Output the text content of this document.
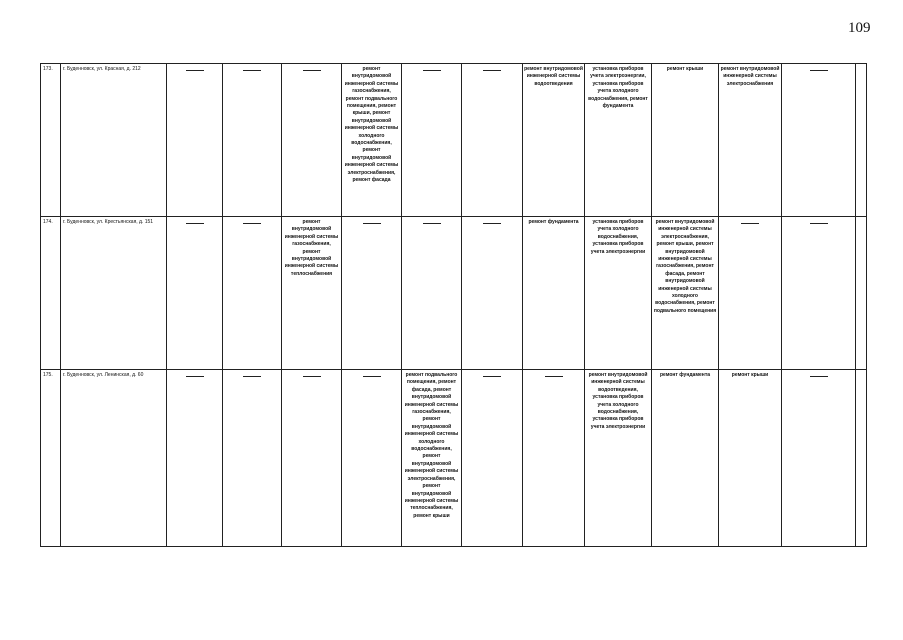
109
173.	г. Буденновск, ул. Красная, д. 212				ремонт внутридомовой инженерной системы газоснабжения, ремонт подвального помещения, ремонт крыши, ремонт внутридомовой инженерной системы холодного водоснабжения, ремонт внутридомовой инженерной системы электроснабжения, ремонт фасада			ремонт внутридомовой инженерной системы водоотведения	установка приборов учета электроэнергии, установка приборов учета холодного водоснабжения, ремонт фундамента	ремонт крыши	ремонт внутридомовой инженерной системы электроснабжения	

174.	г. Буденновск, ул. Крестьянская, д. 151			ремонт внутридомовой инженерной системы газоснабжения, ремонт внутридомовой инженерной системы теплоснабжения				ремонт фундамента	установка приборов учета холодного водоснабжения, установка приборов учета электроэнергии	ремонт внутридомовой инженерной системы электроснабжения, ремонт крыши, ремонт внутридомовой инженерной системы газоснабжения, ремонт фасада, ремонт внутридомовой инженерной системы холодного водоснабжения, ремонт подвального помещения	

175.	г. Буденновск, ул. Ленинская, д. 60					ремонт подвального помещения, ремонт фасада, ремонт внутридомовой инженерной системы газоснабжения, ремонт внутридомовой инженерной системы холодного водоснабжения, ремонт внутридомовой инженерной системы электроснабжения, ремонт внутридомовой инженерной системы теплоснабжения, ремонт крыши			ремонт внутридомовой инженерной системы водоотведения, установка приборов учета холодного водоснабжения, установка приборов учета электроэнергии	ремонт фундамента	ремонт крыши	
